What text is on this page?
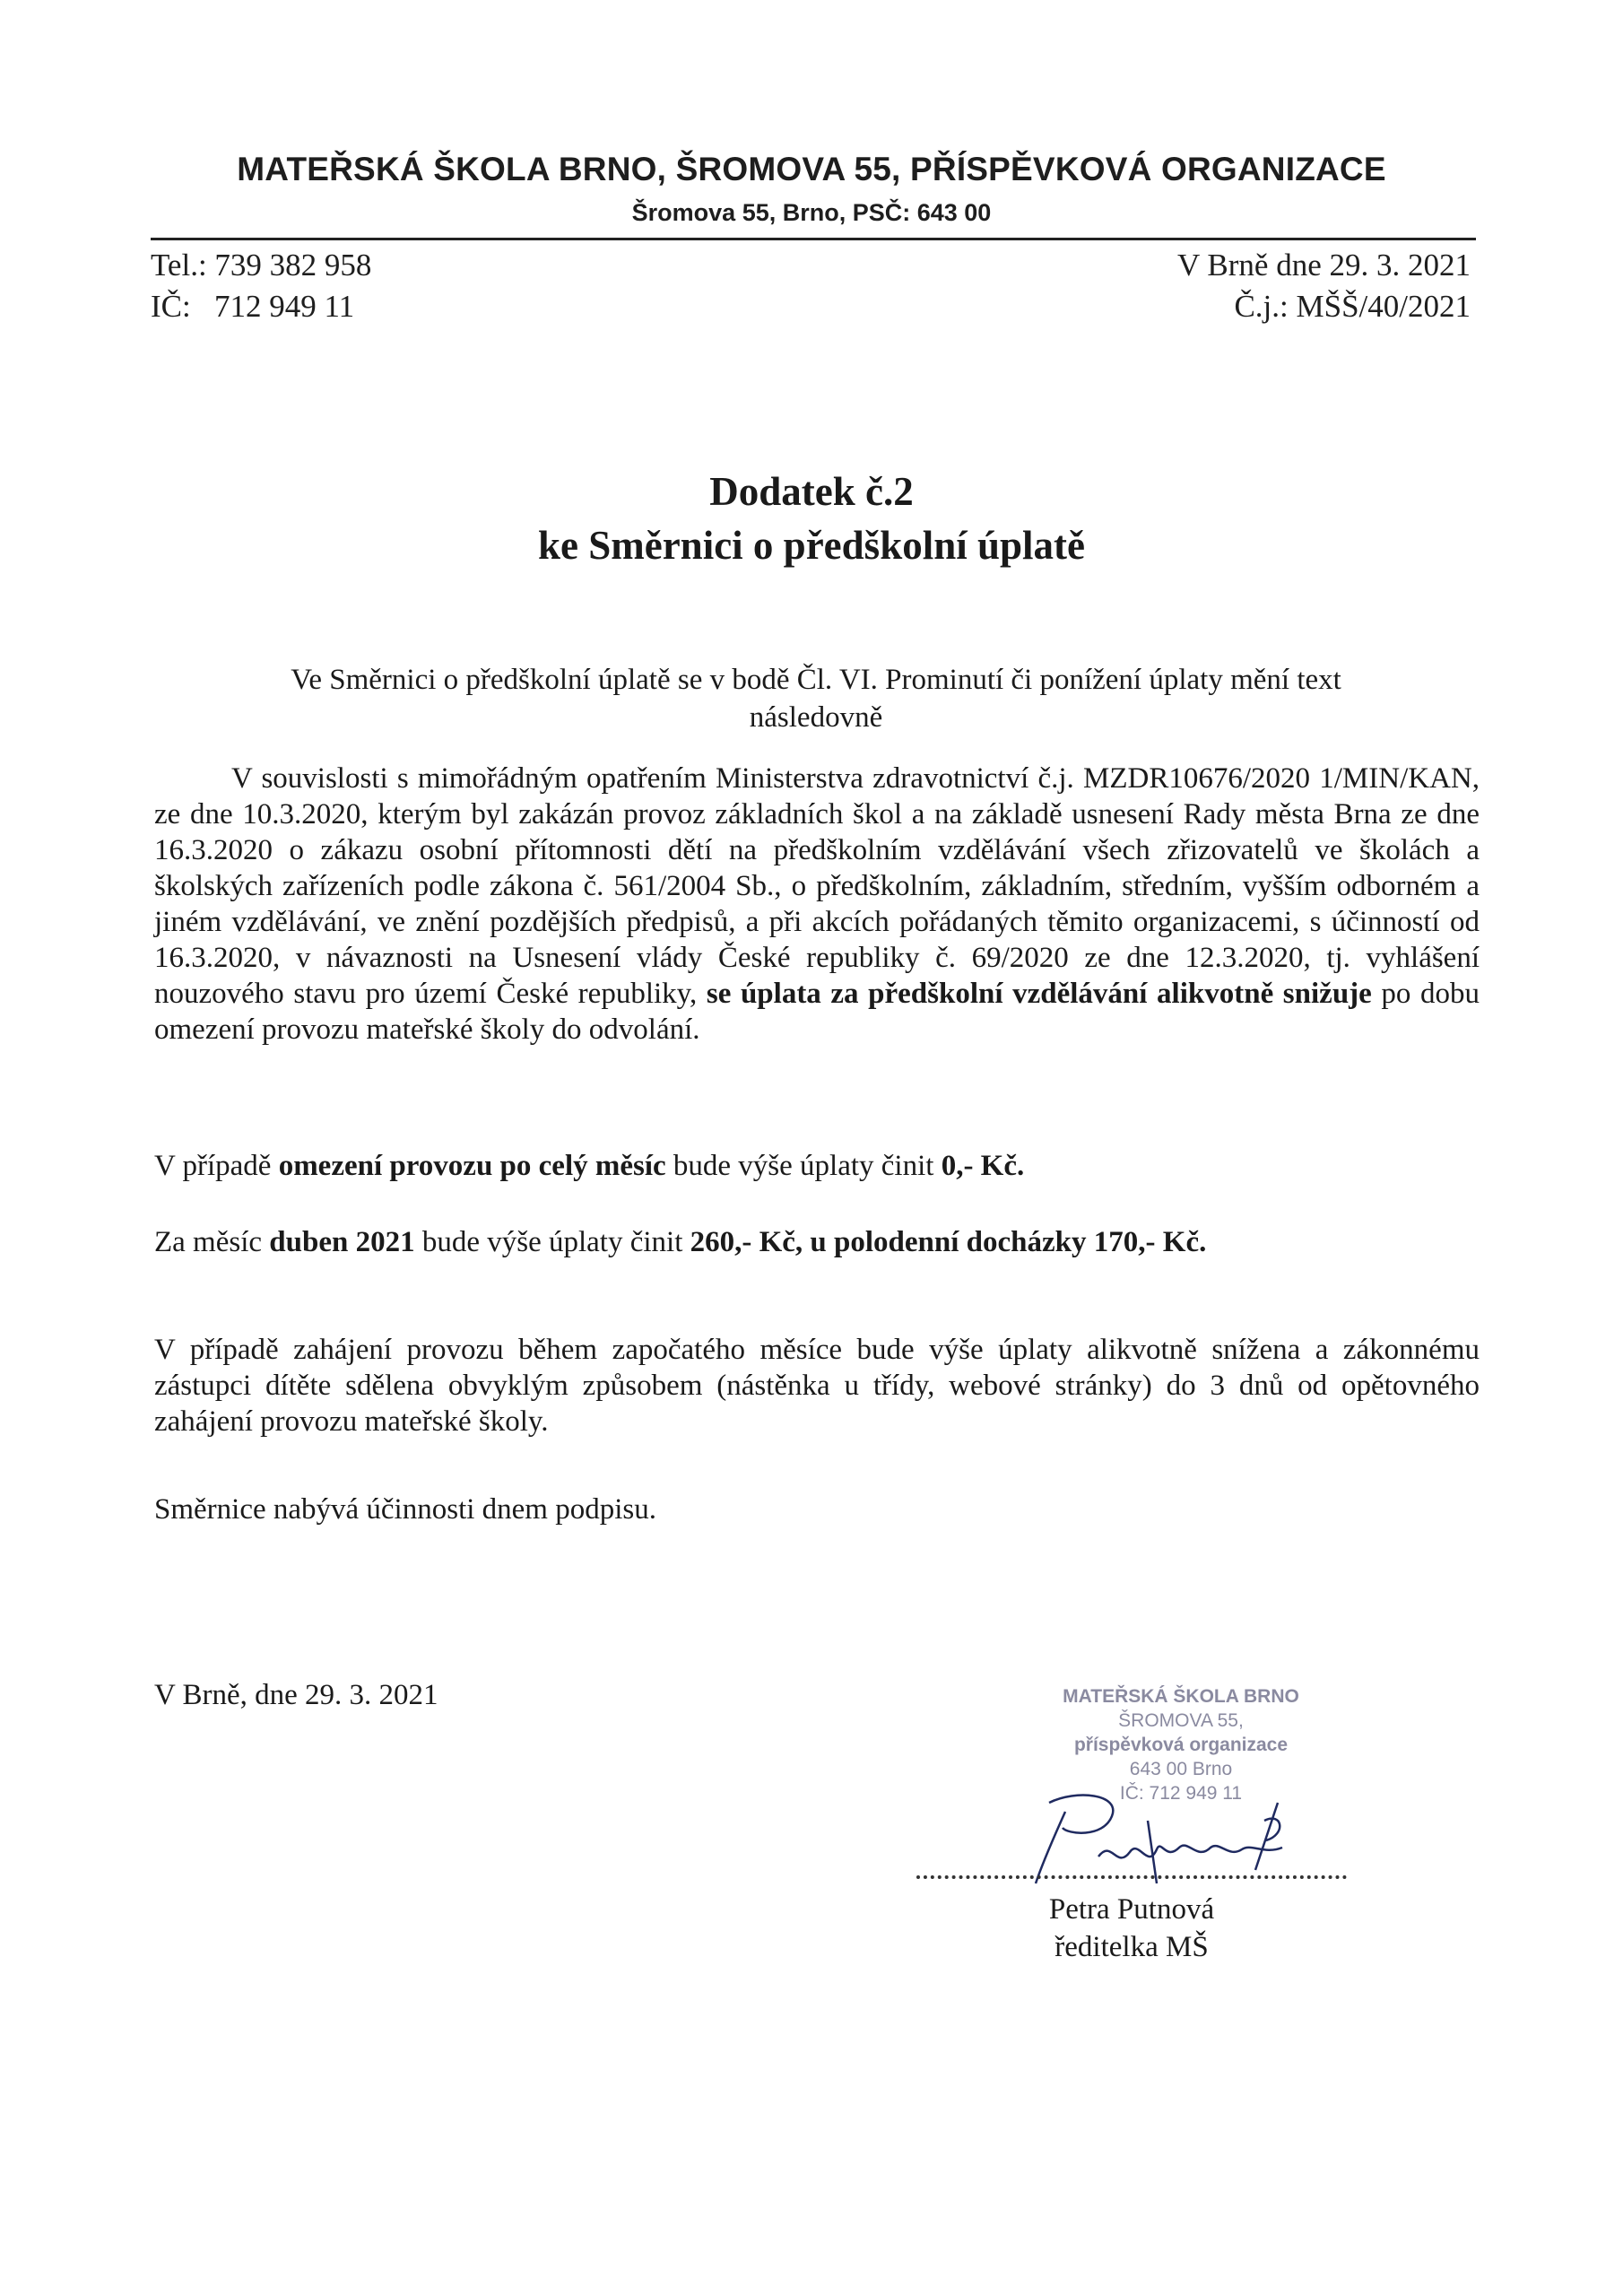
MATEŘSKÁ ŠKOLA BRNO, ŠROMOVA 55, PŘÍSPĚVKOVÁ ORGANIZACE
Šromova 55, Brno, PSČ: 643 00
Tel.: 739 382 958
IČ:   712 949 11
V Brně dne 29. 3. 2021
Č.j.: MŠŠ/40/2021
Dodatek č.2
ke Směrnici o předškolní úplatě
Ve Směrnici o předškolní úplatě se v bodě Čl. VI. Prominutí či ponížení úplaty mění text následovně
V souvislosti s mimořádným opatřením Ministerstva zdravotnictví č.j. MZDR10676/2020 1/MIN/KAN, ze dne 10.3.2020, kterým byl zakázán provoz základních škol a na základě usnesení Rady města Brna ze dne 16.3.2020 o zákazu osobní přítomnosti dětí na předškolním vzdělávání všech zřizovatelů ve školách a školských zařízeních podle zákona č. 561/2004 Sb., o předškolním, základním, středním, vyšším odborném a jiném vzdělávání, ve znění pozdějších předpisů, a při akcích pořádaných těmito organizacemi, s účinností od 16.3.2020, v návaznosti na Usnesení vlády České republiky č. 69/2020 ze dne 12.3.2020, tj. vyhlášení nouzového stavu pro území České republiky, se úplata za předškolní vzdělávání alikvotně snižuje po dobu omezení provozu mateřské školy do odvolání.
V případě omezení provozu po celý měsíc bude výše úplaty činit 0,- Kč.
Za měsíc duben 2021 bude výše úplaty činit 260,- Kč, u polodenní docházky 170,- Kč.
V případě zahájení provozu během započatého měsíce bude výše úplaty alikvotně snížena a zákonnému zástupci dítěte sdělena obvyklým způsobem (nástěnka u třídy, webové stránky) do 3 dnů od opětovného zahájení provozu mateřské školy.
Směrnice nabývá účinnosti dnem podpisu.
V Brně, dne 29. 3. 2021	MATEŘSKÁ ŠKOLA BRNO
ŠROMOVA 55,
příspěvková organizace
643 00 Brno
IČ: 712 949 11
Putnová
Petra Putnová
ředitelka MŠ
